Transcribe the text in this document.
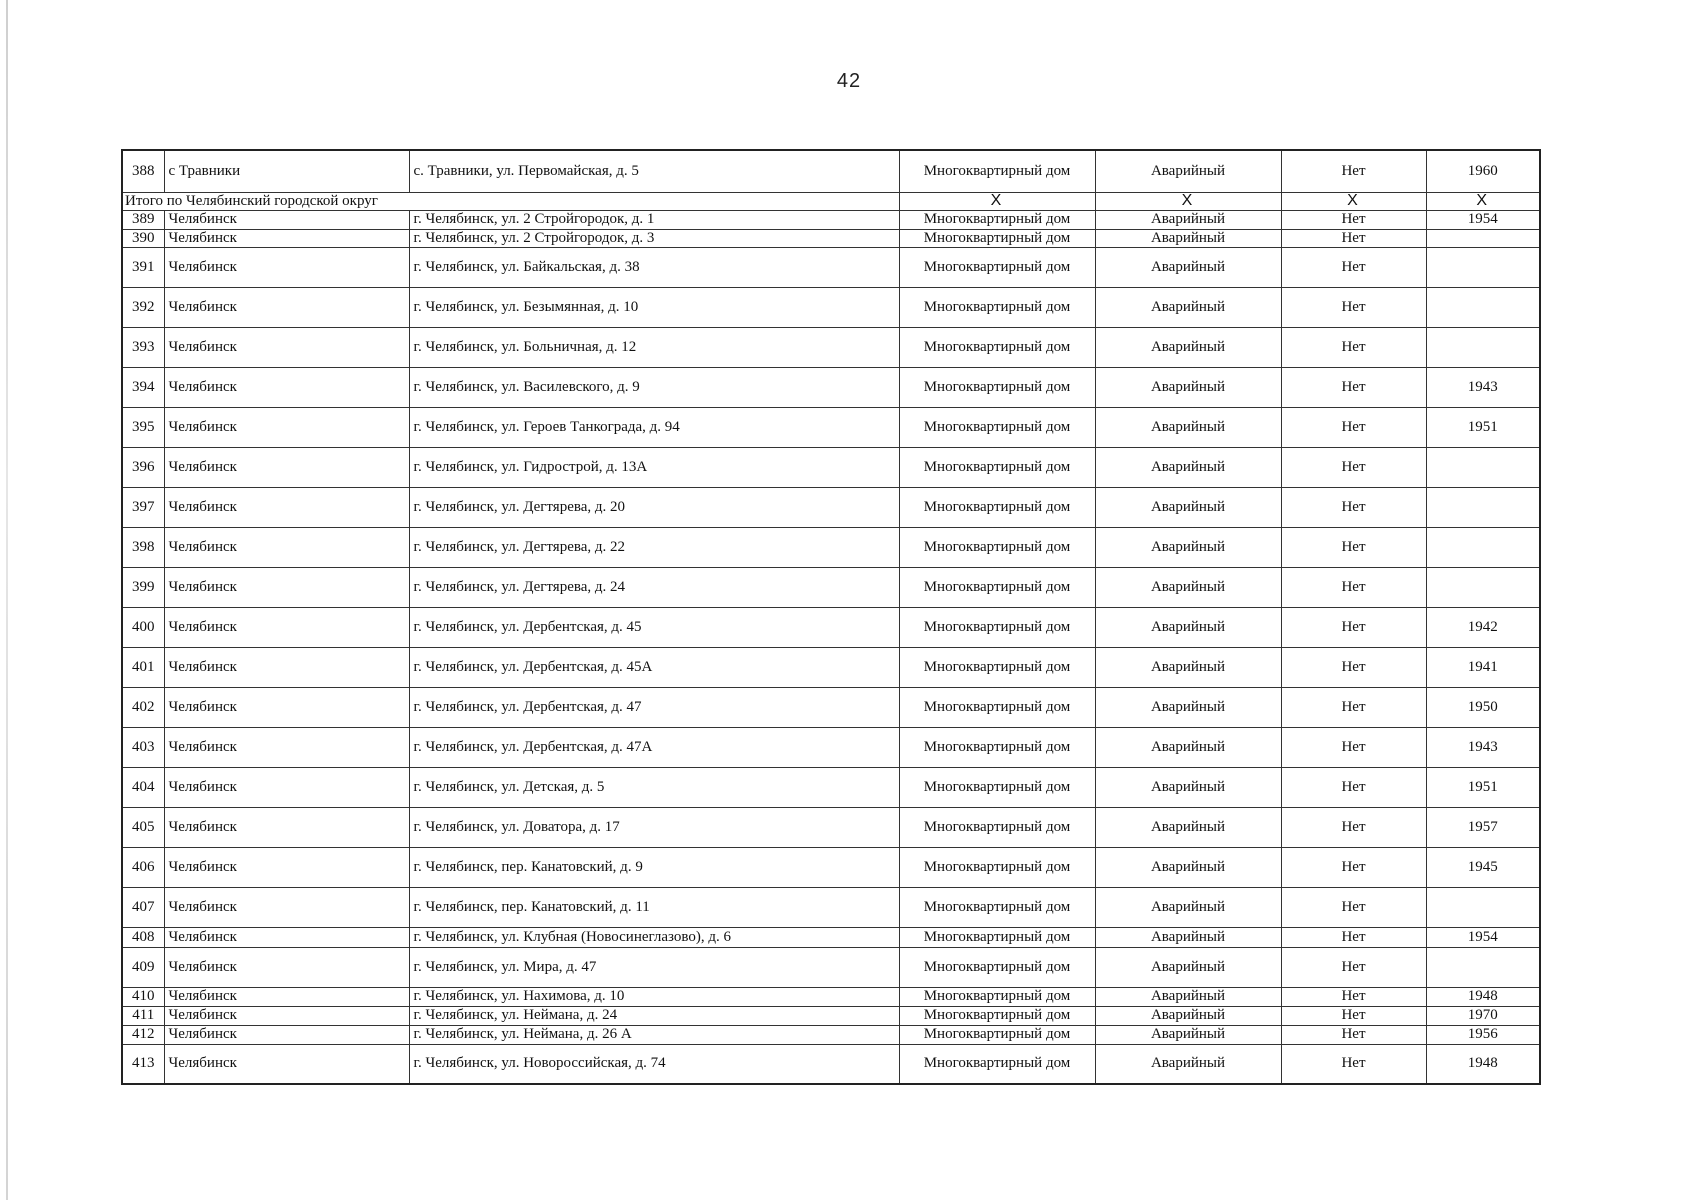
42
388	с Травники	с. Травники, ул. Первомайская, д. 5	Многоквартирный дом	Аварийный	Нет	1960
Итого по Челябинский городской округ			X	X	X	X
389	Челябинск	г. Челябинск, ул. 2 Стройгородок, д. 1	Многоквартирный дом	Аварийный	Нет	1954
390	Челябинск	г. Челябинск, ул. 2 Стройгородок, д. 3	Многоквартирный дом	Аварийный	Нет	
391	Челябинск	г. Челябинск, ул. Байкальская, д. 38	Многоквартирный дом	Аварийный	Нет	
392	Челябинск	г. Челябинск, ул. Безымянная, д. 10	Многоквартирный дом	Аварийный	Нет	
393	Челябинск	г. Челябинск, ул. Больничная, д. 12	Многоквартирный дом	Аварийный	Нет	
394	Челябинск	г. Челябинск, ул. Василевского, д. 9	Многоквартирный дом	Аварийный	Нет	1943
395	Челябинск	г. Челябинск, ул. Героев Танкограда, д. 94	Многоквартирный дом	Аварийный	Нет	1951
396	Челябинск	г. Челябинск, ул. Гидрострой, д. 13А	Многоквартирный дом	Аварийный	Нет	
397	Челябинск	г. Челябинск, ул. Дегтярева, д. 20	Многоквартирный дом	Аварийный	Нет	
398	Челябинск	г. Челябинск, ул. Дегтярева, д. 22	Многоквартирный дом	Аварийный	Нет	
399	Челябинск	г. Челябинск, ул. Дегтярева, д. 24	Многоквартирный дом	Аварийный	Нет	
400	Челябинск	г. Челябинск, ул. Дербентская, д. 45	Многоквартирный дом	Аварийный	Нет	1942
401	Челябинск	г. Челябинск, ул. Дербентская, д. 45А	Многоквартирный дом	Аварийный	Нет	1941
402	Челябинск	г. Челябинск, ул. Дербентская, д. 47	Многоквартирный дом	Аварийный	Нет	1950
403	Челябинск	г. Челябинск, ул. Дербентская, д. 47А	Многоквартирный дом	Аварийный	Нет	1943
404	Челябинск	г. Челябинск, ул. Детская, д. 5	Многоквартирный дом	Аварийный	Нет	1951
405	Челябинск	г. Челябинск, ул. Доватора, д. 17	Многоквартирный дом	Аварийный	Нет	1957
406	Челябинск	г. Челябинск, пер. Канатовский, д. 9	Многоквартирный дом	Аварийный	Нет	1945
407	Челябинск	г. Челябинск, пер. Канатовский, д. 11	Многоквартирный дом	Аварийный	Нет	
408	Челябинск	г. Челябинск, ул. Клубная (Новосинеглазово), д. 6	Многоквартирный дом	Аварийный	Нет	1954
409	Челябинск	г. Челябинск, ул. Мира, д. 47	Многоквартирный дом	Аварийный	Нет	
410	Челябинск	г. Челябинск, ул. Нахимова, д. 10	Многоквартирный дом	Аварийный	Нет	1948
411	Челябинск	г. Челябинск, ул. Неймана, д. 24	Многоквартирный дом	Аварийный	Нет	1970
412	Челябинск	г. Челябинск, ул. Неймана, д. 26 А	Многоквартирный дом	Аварийный	Нет	1956
413	Челябинск	г. Челябинск, ул. Новороссийская, д. 74	Многоквартирный дом	Аварийный	Нет	1948
